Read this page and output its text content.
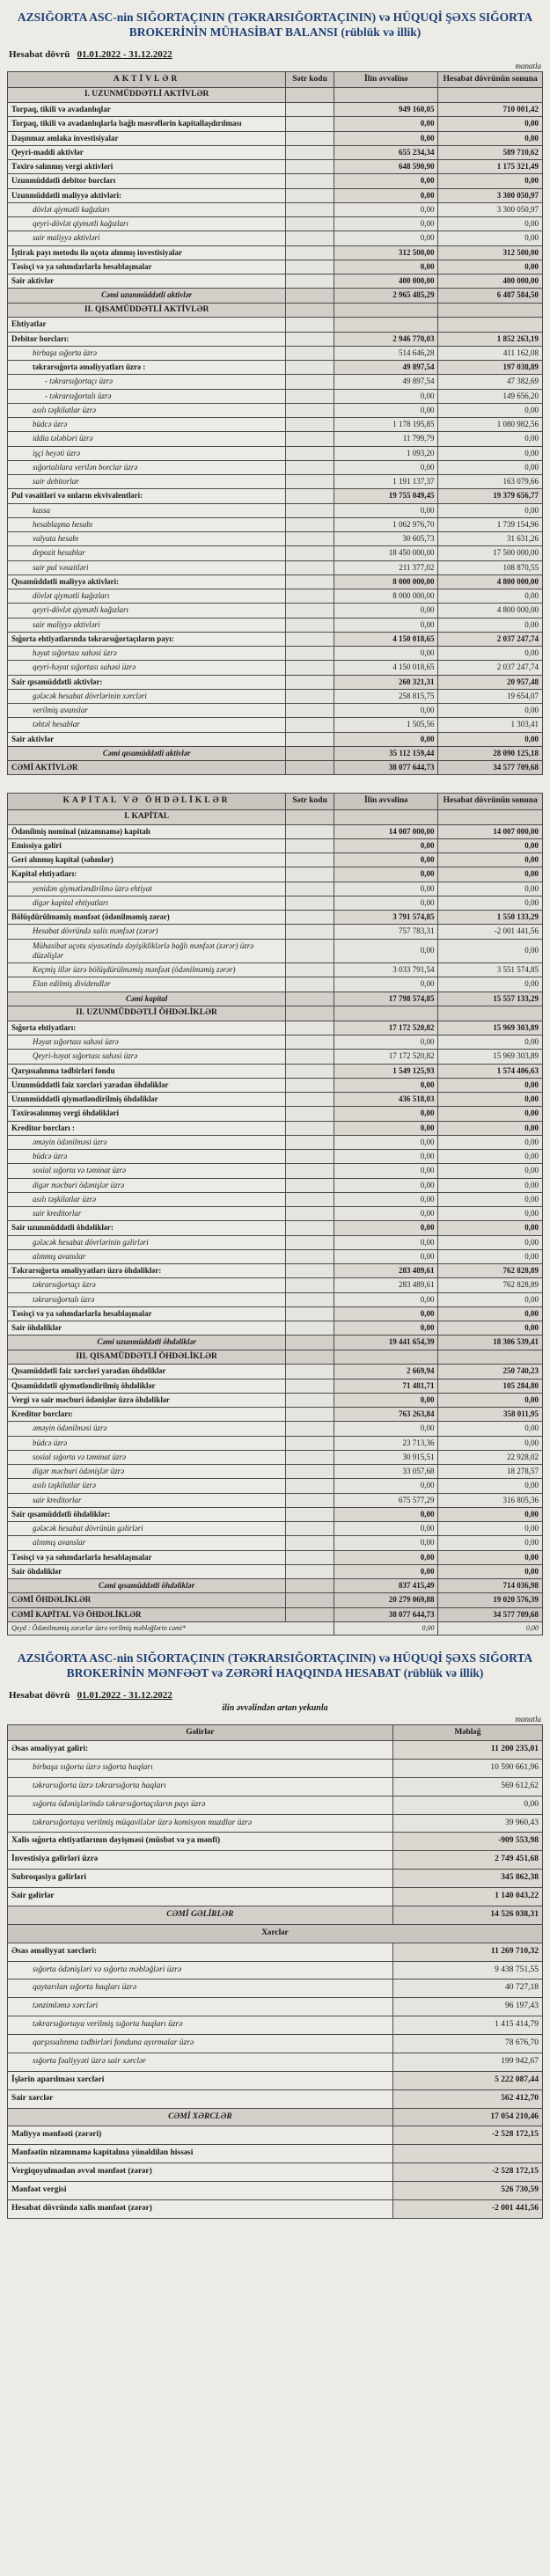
AZSIĞORTA ASC-nin SIĞORTAÇININ (TƏKRARSIĞORTAÇININ) və HÜQUQİ ŞƏXS SIĞORTA BROKERİNİN MÜHASİBAT BALANSI (rüblük və illik)
Hesabat dövrü 01.01.2022 - 31.12.2022
manatla
AKTİVLƏR	Sətr kodu	İlin əvvəlinə	Hesabat dövrünün sonuna
I. UZUNMÜDDƏTLİ AKTİVLƏR			
Torpaq, tikili və avadanlıqlar		949 160,05	710 001,42
Torpaq, tikili və avadanlıqlarla bağlı məsrəflərin kapitallaşdırılması		0,00	0,00
Daşınmaz əmlaka investisiyalar		0,00	0,00
Qeyri-maddi aktivlər		655 234,34	589 710,62
Təxirə salınmış vergi aktivləri		648 590,90	1 175 321,49
Uzunmüddətli debitor borcları		0,00	0,00
Uzunmüddətli maliyyə aktivləri:		0,00	3 300 050,97
dövlət qiymətli kağızları		0,00	3 300 050,97
qeyri-dövlət qiymətli kağızları		0,00	0,00
sair maliyyə aktivləri		0,00	0,00
İştirak payı metodu ilə uçota alınmış investisiyalar		312 500,00	312 500,00
Təsisçi və ya səhmdarlarla hesablaşmalar		0,00	0,00
Sair aktivlər		400 000,00	400 000,00
Cəmi uzunmüddətli aktivlər		2 965 485,29	6 487 584,50
II. QISAMÜDDƏTLİ AKTİVLƏR			
Ehtiyatlar			
Debitor borcları:		2 946 770,03	1 852 263,19
birbaşa sığorta üzrə		514 646,28	411 162,08
təkrarsığorta əməliyyatları üzrə :		49 897,54	197 038,89
- təkrarsığortaçı üzrə		49 897,54	47 382,69
- təkrarsığortalı üzrə		0,00	149 656,20
asılı təşkilatlar üzrə		0,00	0,00
büdcə üzrə		1 178 195,85	1 080 982,56
iddia tələbləri üzrə		11 799,79	0,00
işçi heyəti üzrə		1 093,20	0,00
sığortalılara verilən borclar üzrə		0,00	0,00
sair debitorlar		1 191 137,37	163 079,66
Pul vəsaitləri və onların ekvivalentləri:		19 755 049,45	19 379 656,77
kassa		0,00	0,00
hesablaşma hesabı		1 062 976,70	1 739 154,96
valyuta hesabı		30 605,73	31 631,26
depozit hesablar		18 450 000,00	17 500 000,00
sair pul vəsaitləri		211 377,02	108 870,55
Qısamüddətli maliyyə aktivləri:		8 000 000,00	4 800 000,00
dövlət qiymətli kağızları		8 000 000,00	0,00
qeyri-dövlət qiymətli kağızları		0,00	4 800 000,00
sair maliyyə aktivləri		0,00	0,00
Sığorta ehtiyatlarında təkrarsığortaçıların payı:		4 150 018,65	2 037 247,74
həyat sığortası sahəsi üzrə		0,00	0,00
qeyri-həyat sığortası sahəsi üzrə		4 150 018,65	2 037 247,74
Sair qısamüddətli aktivlər:		260 321,31	20 957,48
gələcək hesabat dövrlərinin xərcləri		258 815,75	19 654,07
verilmiş avanslar		0,00	0,00
təhtəl hesablar		1 505,56	1 303,41
Sair aktivlər		0,00	0,00
Cəmi qısamüddətli aktivlər		35 112 159,44	28 090 125,18
CƏMİ AKTİVLƏR		38 077 644,73	34 577 709,68
KAPİTAL VƏ ÖHDƏLİKLƏR	Sətr kodu	İlin əvvəlinə	Hesabat dövrünün sonuna
I. KAPİTAL			
Ödənilmiş nominal (nizamnamə) kapitalı		14 007 000,00	14 007 000,00
Emissiya gəliri		0,00	0,00
Geri alınmış kapital (səhmlər)		0,00	0,00
Kapital ehtiyatları:		0,00	0,00
yenidən qiymətləndirilmə üzrə ehtiyat		0,00	0,00
digər kapital ehtiyatları		0,00	0,00
Bölüşdürülməmiş mənfəət (ödənilməmiş zərər)		3 791 574,85	1 550 133,29
Hesabat dövründə xalis mənfəət (zərər)		757 783,31	-2 001 441,56
Mühasibat uçotu siyasətində dəyişikliklərlə bağlı mənfəət (zərər) üzrə düzəlişlər		0,00	0,00
Keçmiş illər üzrə bölüşdürülməmiş mənfəət (ödənilməmiş zərər)		3 033 791,54	3 551 574,85
Elan edilmiş dividendlər		0,00	0,00
Cəmi kapital		17 798 574,85	15 557 133,29
II. UZUNMÜDDƏTLİ ÖHDƏLİKLƏR			
Sığorta ehtiyatları:		17 172 520,82	15 969 303,89
Həyat sığortası sahəsi üzrə		0,00	0,00
Qeyri-həyat sığortası sahəsi üzrə		17 172 520,82	15 969 303,89
Qarşısıalınma tədbirləri fondu		1 549 125,93	1 574 406,63
Uzunmüddətli faiz xərcləri yaradan öhdəliklər		0,00	0,00
Uzunmüddətli qiymətləndirilmiş öhdəliklər		436 518,03	0,00
Təxirəsalınmış vergi öhdəlikləri		0,00	0,00
Kreditor borcları :		0,00	0,00
əməyin ödənilməsi üzrə		0,00	0,00
büdcə üzrə		0,00	0,00
sosial sığorta və təminat üzrə		0,00	0,00
digər məcburi ödənişlər üzrə		0,00	0,00
asılı təşkilatlar üzrə		0,00	0,00
sair kreditorlar		0,00	0,00
Sair uzunmüddətli öhdəliklər:		0,00	0,00
gələcək hesabat dövrlərinin gəlirləri		0,00	0,00
alınmış avanslar		0,00	0,00
Təkrarsığorta əməliyyatları üzrə öhdəliklər:		283 489,61	762 828,89
təkrarsığortaçı üzrə		283 489,61	762 828,89
təkrarsığortalı üzrə		0,00	0,00
Təsisçi və ya səhmdarlarla hesablaşmalar		0,00	0,00
Sair öhdəliklər		0,00	0,00
Cəmi uzunmüddətli öhdəliklər		19 441 654,39	18 306 539,41
III. QISAMÜDDƏTLİ ÖHDƏLİKLƏR			
Qısamüddətli faiz xərcləri yaradan öhdəliklər		2 669,94	250 740,23
Qısamüddətli qiymətləndirilmiş öhdəliklər		71 481,71	105 284,80
Vergi və sair məcburi ödənişlər üzrə öhdəliklər		0,00	0,00
Kreditor borcları:		763 263,84	358 011,95
əməyin ödənilməsi üzrə		0,00	0,00
büdcə üzrə		23 713,36	0,00
sosial sığorta və təminat üzrə		30 915,51	22 928,02
digər məcburi ödənişlər üzrə		33 057,68	18 278,57
asılı təşkilatlar üzrə		0,00	0,00
sair kreditorlar		675 577,29	316 805,36
Sair qısamüddətli öhdəliklər:		0,00	0,00
gələcək hesabat dövrünün gəlirləri		0,00	0,00
alınmış avanslar		0,00	0,00
Təsisçi və ya səhmdarlarla hesablaşmalar		0,00	0,00
Sair öhdəliklər		0,00	0,00
Cəmi qısamüddətli öhdəliklər		837 415,49	714 036,98
CƏMİ ÖHDƏLİKLƏR		20 279 069,88	19 020 576,39
CƏMİ KAPİTAL VƏ ÖHDƏLİKLƏR		38 077 644,73	34 577 709,68
Qeyd : Ödənilməmiş zərərlər üzrə verilmiş məbləğlərin cəmi*		0,00	0,00
AZSIĞORTA ASC-nin SIĞORTAÇININ (TƏKRARSIĞORTAÇININ) və HÜQUQİ ŞƏXS SIĞORTA BROKERİNİN MƏNFƏƏT və ZƏRƏRİ HAQQINDA HESABAT (rüblük və illik)
Hesabat dövrü 01.01.2022 - 31.12.2022
ilin əvvəlindən artan yekunla
manatla
Gəlirlər	Məbləğ
Əsas əməliyyat gəliri:	11 200 235,01
birbaşa sığorta üzrə sığorta haqları	10 590 661,96
təkrarsığorta üzrə təkrarsığorta haqları	569 612,62
sığorta ödənişlərində təkrarsığortaçıların payı üzrə	0,00
təkrarsığortaya verilmiş müqavilələr üzrə komisyon muzdlar üzrə	39 960,43
Xalis sığorta ehtiyatlarının dəyişməsi (müsbət və ya mənfi)	-909 553,98
İnvestisiya gəlirləri üzrə	2 749 451,68
Subroqasiya gəlirləri	345 862,38
Sair gəlirlər	1 140 043,22
CƏMİ GƏLİRLƏR	14 526 038,31
Xərclər	
Əsas əməliyyat xərcləri:	11 269 710,32
sığorta ödənişləri və sığorta məbləğləri üzrə	9 438 751,55
qaytarılan sığorta haqları üzrə	40 727,18
tənzimləmə xərcləri	96 197,43
təkrarsığortaya verilmiş sığorta haqları üzrə	1 415 414,79
qarşısıalınma tədbirləri fonduna ayırmalar üzrə	78 676,70
sığorta fəaliyyəti üzrə sair xərclər	199 942,67
İşlərin aparılması xərcləri	5 222 087,44
Sair xərclər	562 412,70
CƏMİ XƏRCLƏR	17 054 210,46
Maliyyə mənfəəti (zərəri)	-2 528 172,15
Mənfəətin nizamnamə kapitalına yönəldilən hissəsi	
Vergiqoyulmadan əvvəl mənfəət (zərər)	-2 528 172,15
Mənfəət vergisi	526 730,59
Hesabat dövründə xalis mənfəət (zərər)	-2 001 441,56
